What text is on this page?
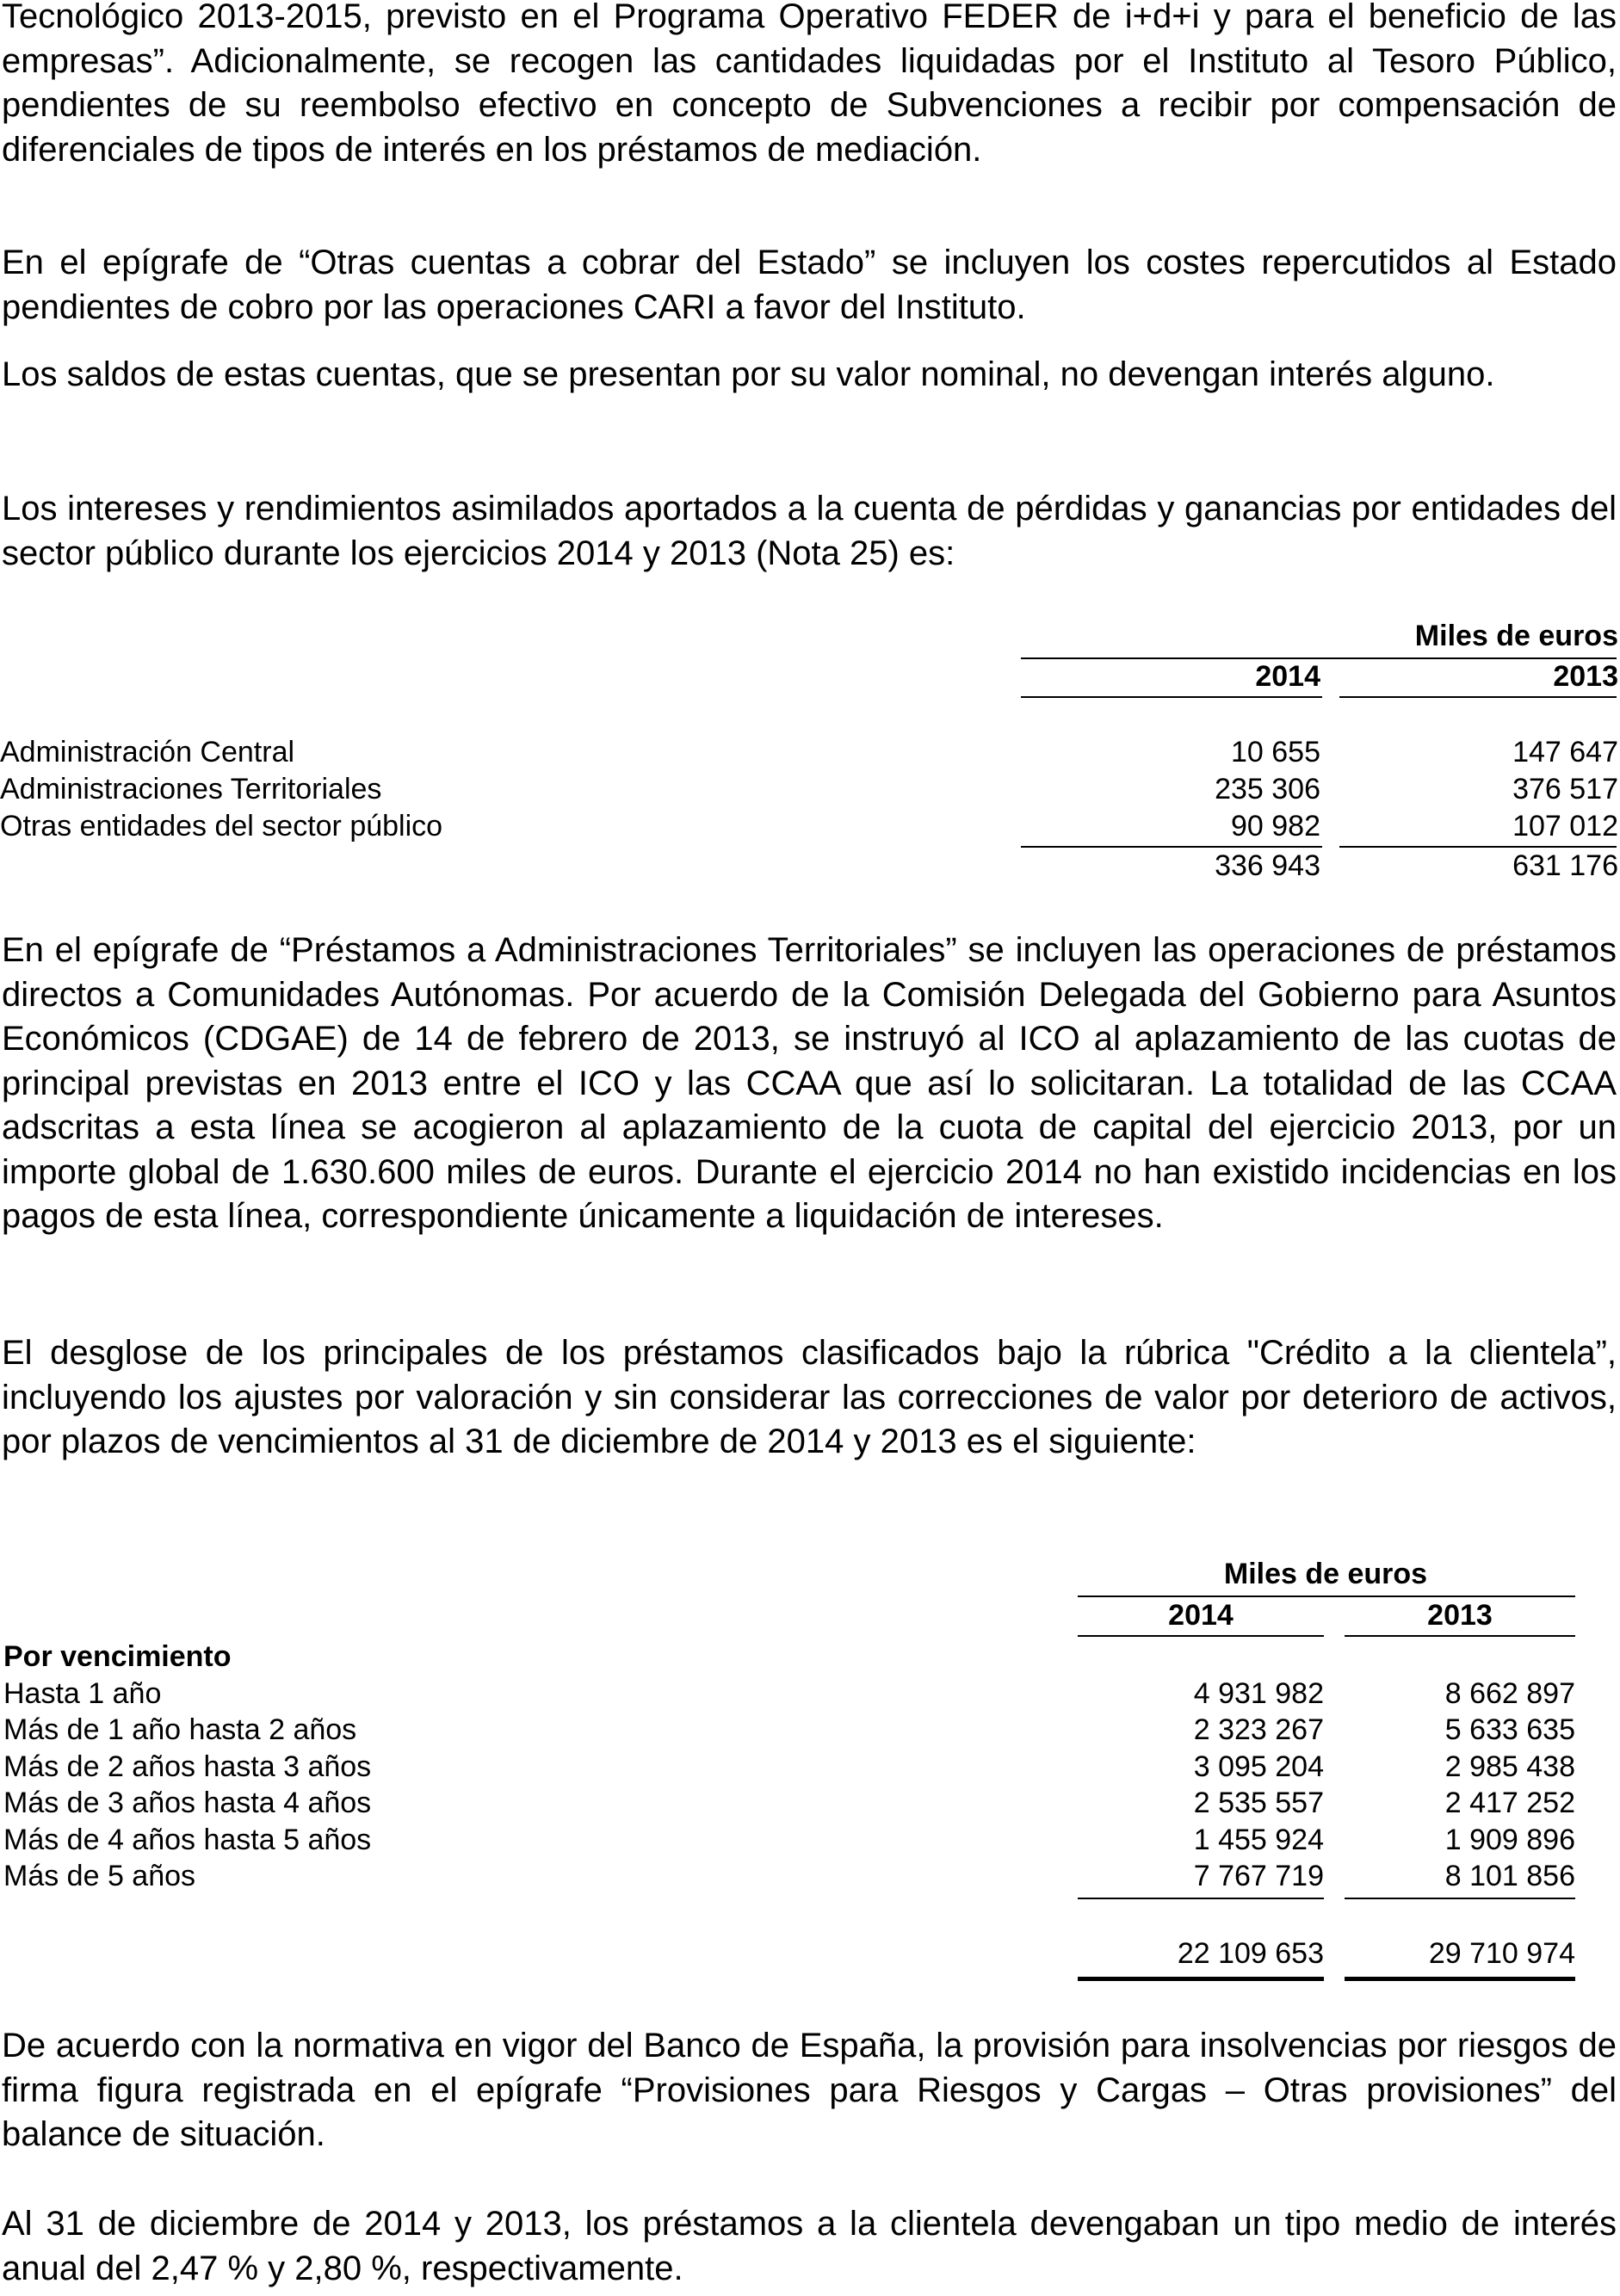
Tecnológico 2013-2015, previsto en el Programa Operativo FEDER de i+d+i y para el beneficio de las empresas”. Adicionalmente, se recogen las cantidades liquidadas por el Instituto al Tesoro Público, pendientes de su reembolso efectivo en concepto de Subvenciones a recibir por compensación de diferenciales de tipos de interés en los préstamos de mediación.

En el epígrafe de “Otras cuentas a cobrar del Estado” se incluyen los costes repercutidos al Estado pendientes de cobro por las operaciones CARI a favor del Instituto.

Los saldos de estas cuentas, que se presentan por su valor nominal, no devengan interés alguno.

Los intereses y rendimientos asimilados aportados a la cuenta de pérdidas y ganancias por entidades del sector público durante los ejercicios 2014 y 2013 (Nota 25) es:

Miles de euros
2014	2013
Administración Central	10 655	147 647
Administraciones Territoriales	235 306	376 517
Otras entidades del sector público	90 982	107 012
336 943	631 176

En el epígrafe de “Préstamos a Administraciones Territoriales” se incluyen las operaciones de préstamos directos a Comunidades Autónomas. Por acuerdo de la Comisión Delegada del Gobierno para Asuntos Económicos (CDGAE) de 14 de febrero de 2013, se instruyó al ICO al aplazamiento de las cuotas de principal previstas en 2013 entre el ICO y las CCAA que así lo solicitaran. La totalidad de las CCAA adscritas a esta línea se acogieron al aplazamiento de la cuota de capital del ejercicio 2013, por un importe global de 1.630.600 miles de euros. Durante el ejercicio 2014 no han existido incidencias en los pagos de esta línea, correspondiente únicamente a liquidación de intereses.

El desglose de los principales de los préstamos clasificados bajo la rúbrica "Crédito a la clientela”, incluyendo los ajustes por valoración y sin considerar las correcciones de valor por deterioro de activos, por plazos de vencimientos al 31 de diciembre de 2014 y 2013 es el siguiente:

Miles de euros
2014	2013
Por vencimiento
Hasta 1 año	4 931 982	8 662 897
Más de 1 año hasta 2 años	2 323 267	5 633 635
Más de 2 años hasta 3 años	3 095 204	2 985 438
Más de 3 años hasta 4 años	2 535 557	2 417 252
Más de 4 años hasta 5 años	1 455 924	1 909 896
Más de 5 años	7 767 719	8 101 856
22 109 653	29 710 974

De acuerdo con la normativa en vigor del Banco de España, la provisión para insolvencias por riesgos de firma figura registrada en el epígrafe “Provisiones para Riesgos y Cargas – Otras provisiones” del balance de situación.

Al 31 de diciembre de 2014 y 2013, los préstamos a la clientela devengaban un tipo medio de interés anual del 2,47 % y 2,80 %, respectivamente.
